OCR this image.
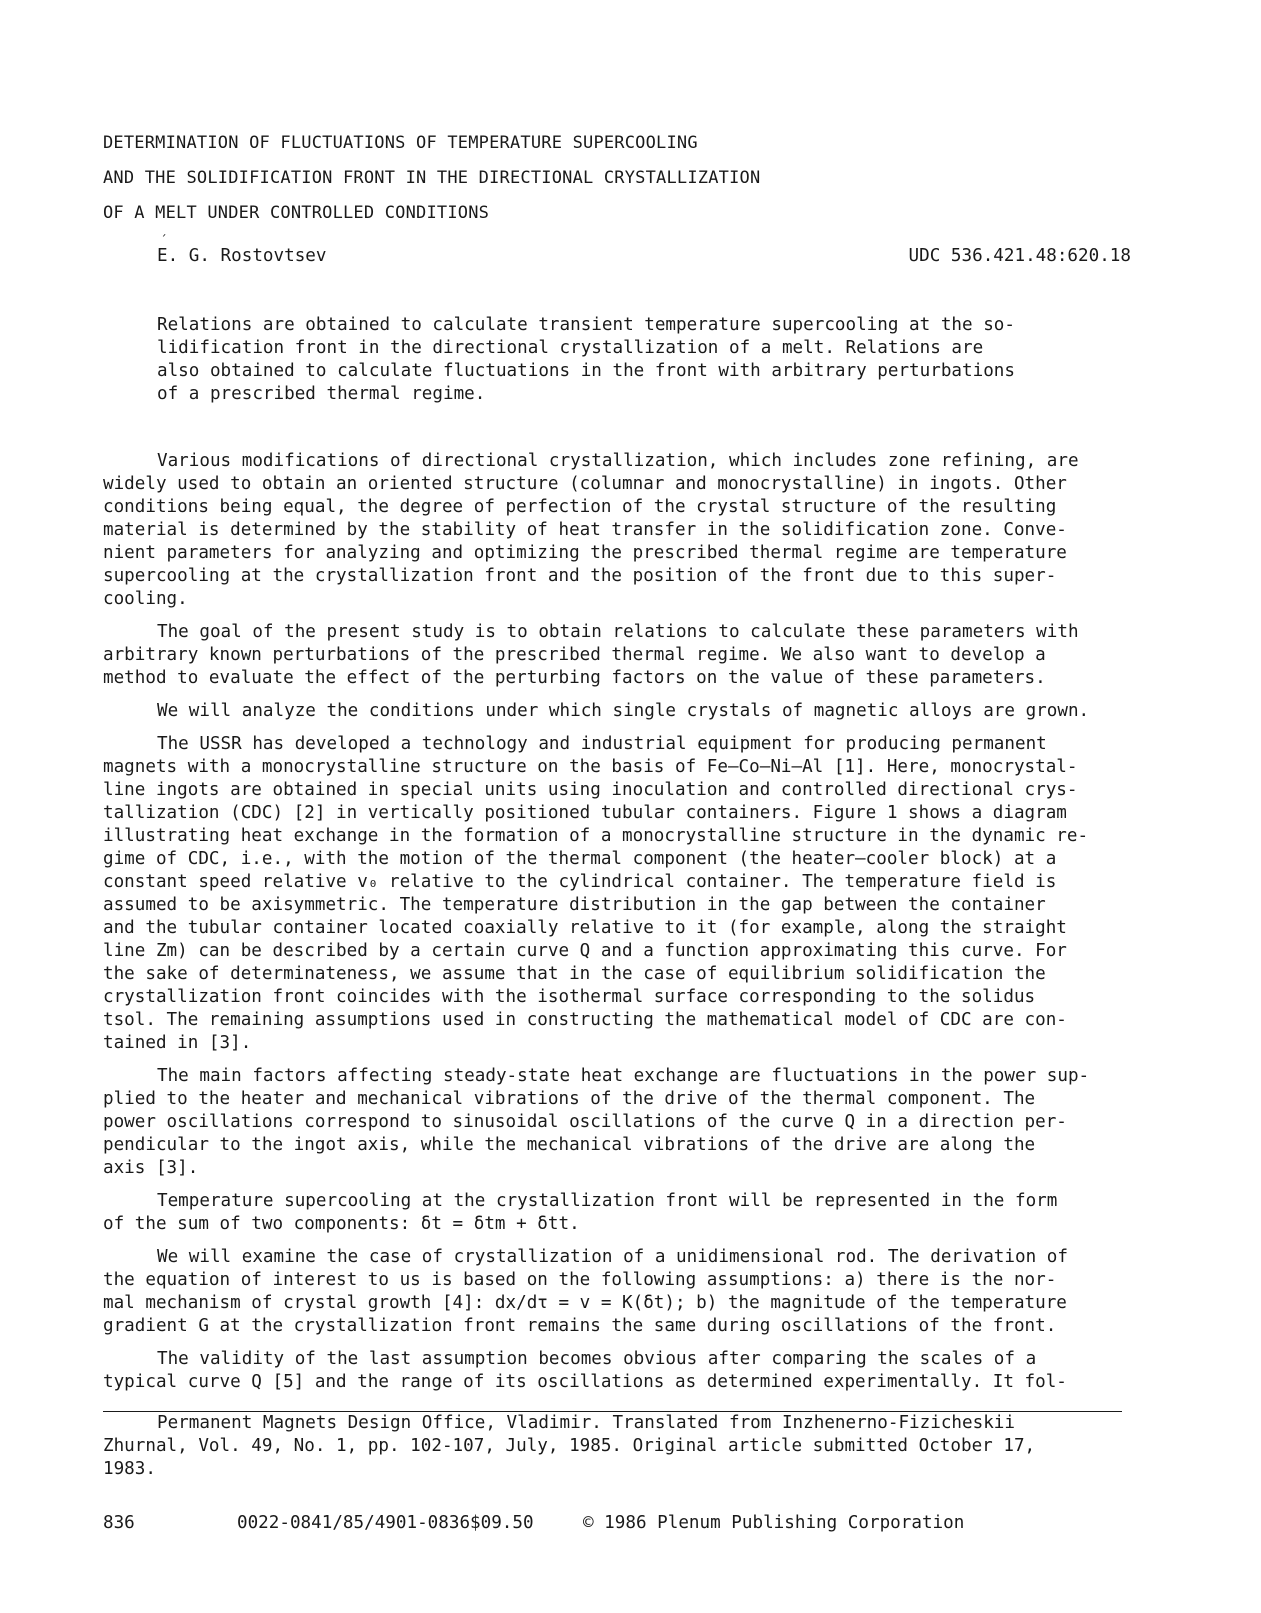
DETERMINATION OF FLUCTUATIONS OF TEMPERATURE SUPERCOOLING
AND THE SOLIDIFICATION FRONT IN THE DIRECTIONAL CRYSTALLIZATION
OF A MELT UNDER CONTROLLED CONDITIONS
´
E. G. Rostovtsev	UDC 536.421.48:620.18
Relations are obtained to calculate transient temperature supercooling at the so-
lidification front in the directional crystallization of a melt. Relations are
also obtained to calculate fluctuations in the front with arbitrary perturbations
of a prescribed thermal regime.
Various modifications of directional crystallization, which includes zone refining, are
widely used to obtain an oriented structure (columnar and monocrystalline) in ingots. Other
conditions being equal, the degree of perfection of the crystal structure of the resulting
material is determined by the stability of heat transfer in the solidification zone. Conve-
nient parameters for analyzing and optimizing the prescribed thermal regime are temperature
supercooling at the crystallization front and the position of the front due to this super-
cooling.
The goal of the present study is to obtain relations to calculate these parameters with
arbitrary known perturbations of the prescribed thermal regime. We also want to develop a
method to evaluate the effect of the perturbing factors on the value of these parameters.
We will analyze the conditions under which single crystals of magnetic alloys are grown.
The USSR has developed a technology and industrial equipment for producing permanent
magnets with a monocrystalline structure on the basis of Fe–Co–Ni–Al [1]. Here, monocrystal-
line ingots are obtained in special units using inoculation and controlled directional crys-
tallization (CDC) [2] in vertically positioned tubular containers. Figure 1 shows a diagram
illustrating heat exchange in the formation of a monocrystalline structure in the dynamic re-
gime of CDC, i.e., with the motion of the thermal component (the heater–cooler block) at a
constant speed relative v₀ relative to the cylindrical container. The temperature field is
assumed to be axisymmetric. The temperature distribution in the gap between the container
and the tubular container located coaxially relative to it (for example, along the straight
line Zm) can be described by a certain curve Q and a function approximating this curve. For
the sake of determinateness, we assume that in the case of equilibrium solidification the
crystallization front coincides with the isothermal surface corresponding to the solidus
tsol. The remaining assumptions used in constructing the mathematical model of CDC are con-
tained in [3].
The main factors affecting steady-state heat exchange are fluctuations in the power sup-
plied to the heater and mechanical vibrations of the drive of the thermal component. The
power oscillations correspond to sinusoidal oscillations of the curve Q in a direction per-
pendicular to the ingot axis, while the mechanical vibrations of the drive are along the
axis [3].
Temperature supercooling at the crystallization front will be represented in the form
of the sum of two components: δt = δtm + δtt.
We will examine the case of crystallization of a unidimensional rod. The derivation of
the equation of interest to us is based on the following assumptions: a) there is the nor-
mal mechanism of crystal growth [4]: dx/dτ = v = K(δt); b) the magnitude of the temperature
gradient G at the crystallization front remains the same during oscillations of the front.
The validity of the last assumption becomes obvious after comparing the scales of a
typical curve Q [5] and the range of its oscillations as determined experimentally. It fol-
Permanent Magnets Design Office, Vladimir. Translated from Inzhenerno-Fizicheskii
Zhurnal, Vol. 49, No. 1, pp. 102-107, July, 1985. Original article submitted October 17,
1983.
836	0022-0841/85/4901-0836$09.50	© 1986 Plenum Publishing Corporation
